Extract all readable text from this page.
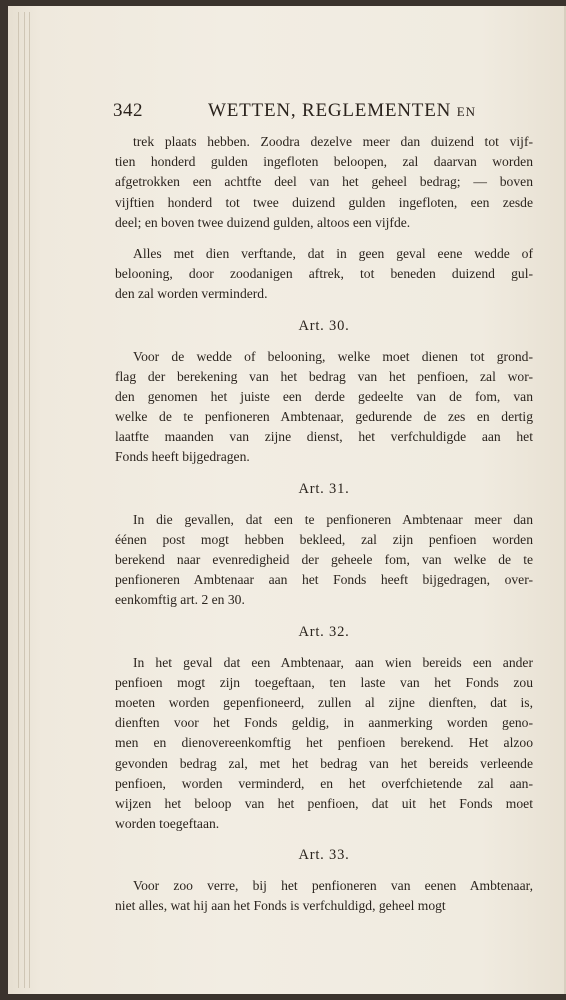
342	WETTEN, REGLEMENTEN EN
trek plaats hebben. Zoodra dezelve meer dan duizend tot vijf-
tien honderd gulden ingefloten beloopen, zal daarvan worden
afgetrokken een achtfte deel van het geheel bedrag; — boven
vijftien honderd tot twee duizend gulden ingefloten, een zesde
deel; en boven twee duizend gulden, altoos een vijfde.
Alles met dien verftande, dat in geen geval eene wedde of
belooning, door zoodanigen aftrek, tot beneden duizend gul-
den zal worden verminderd.
Art. 30.
Voor de wedde of belooning, welke moet dienen tot grond-
flag der berekening van het bedrag van het penfioen, zal wor-
den genomen het juiste een derde gedeelte van de fom, van
welke de te penfioneren Ambtenaar, gedurende de zes en dertig
laatfte maanden van zijne dienst, het verfchuldigde aan het
Fonds heeft bijgedragen.
Art. 31.
In die gevallen, dat een te penfioneren Ambtenaar meer dan
éénen post mogt hebben bekleed, zal zijn penfioen worden
berekend naar evenredigheid der geheele fom, van welke de te
penfioneren Ambtenaar aan het Fonds heeft bijgedragen, over-
eenkomftig art. 2 en 30.
Art. 32.
In het geval dat een Ambtenaar, aan wien bereids een ander
penfioen mogt zijn toegeftaan, ten laste van het Fonds zou
moeten worden gepenfioneerd, zullen al zijne dienften, dat is,
dienften voor het Fonds geldig, in aanmerking worden geno-
men en dienovereenkomftig het penfioen berekend. Het alzoo
gevonden bedrag zal, met het bedrag van het bereids verleende
penfioen, worden verminderd, en het overfchietende zal aan-
wijzen het beloop van het penfioen, dat uit het Fonds moet
worden toegeftaan.
Art. 33.
Voor zoo verre, bij het penfioneren van eenen Ambtenaar,
niet alles, wat hij aan het Fonds is verfchuldigd, geheel mogt
